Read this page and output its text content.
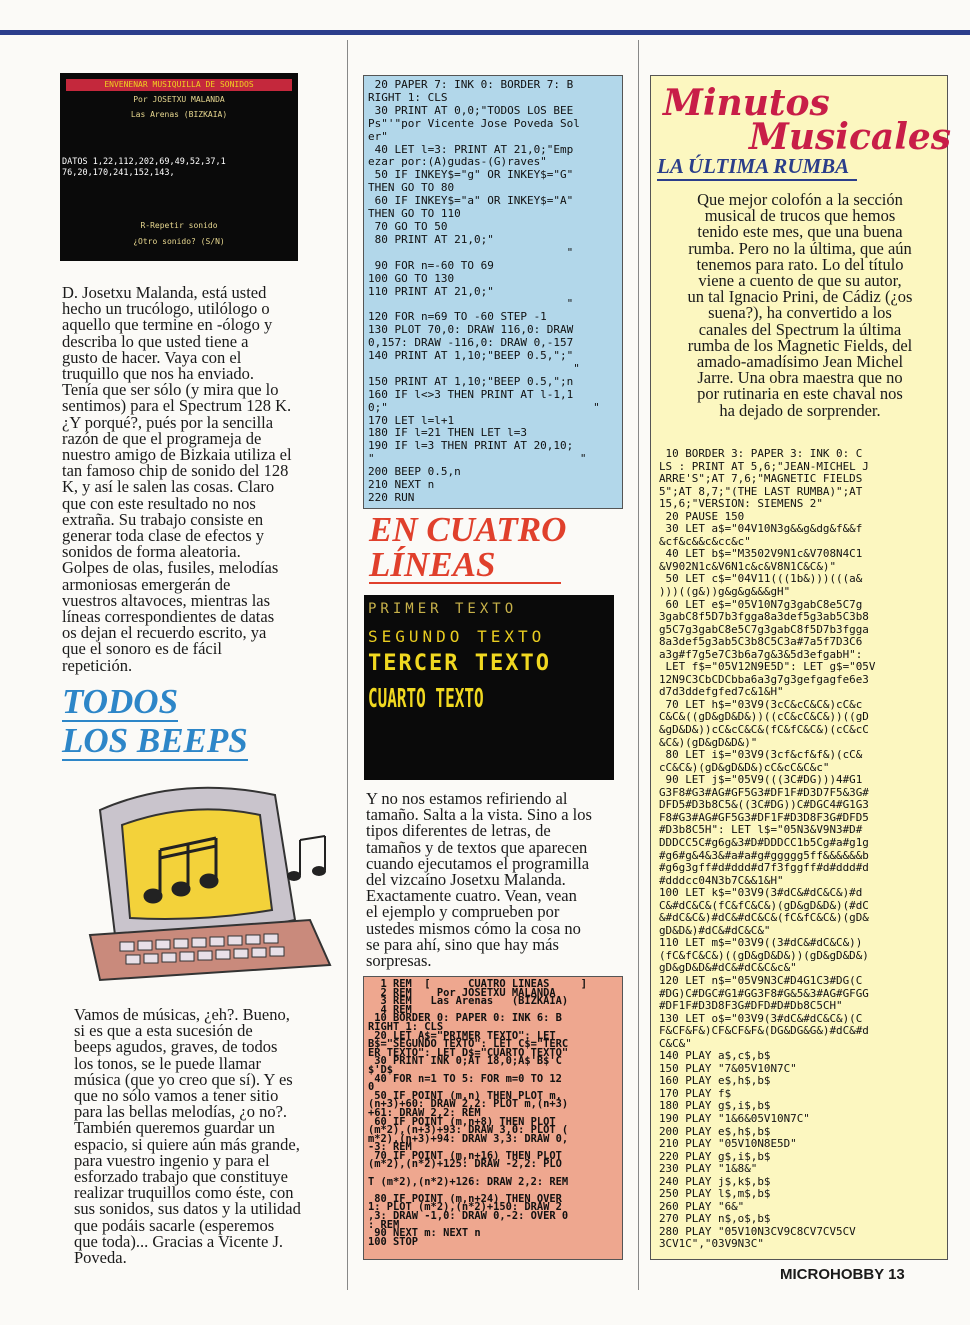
ENVENENAR MUSIQUILLA DE SONIDOS
Por JOSETXU MALANDA
Las Arenas (BIZKAIA)
DATOS 1,22,112,202,69,49,52,37,1
76,20,170,241,152,143,
R-Repetir sonido
¿Otro sonido? (S/N)
D. Josetxu Malanda, está usted
hecho un trucólogo, utilólogo o
aquello que termine en -ólogo y
describa lo que usted tiene a
gusto de hacer. Vaya con el
truquillo que nos ha enviado.
Tenía que ser sólo (y mira que lo
sentimos) para el Spectrum 128 K.
¿Y porqué?, pués por la sencilla
razón de que el programeja de
nuestro amigo de Bizkaia utiliza el
tan famoso chip de sonido del 128
K, y así le salen las cosas. Claro
que con este resultado no nos
extraña. Su trabajo consiste en
generar toda clase de efectos y
sonidos de forma aleatoria.
Golpes de olas, fusiles, melodías
armoniosas emergerán de
vuestros altavoces, mientras las
líneas correspondientes de datas
os dejan el recuerdo escrito, ya
que el sonoro es de fácil
repetición.
TODOS
LOS BEEPS
Vamos de músicas, ¿eh?. Bueno,
si es que a esta sucesión de
beeps agudos, graves, de todos
los tonos, se le puede llamar
música (que yo creo que sí). Y es
que no sólo vamos a tener sitio
para las bellas melodías, ¿o no?.
También queremos guardar un
espacio, si quiere aún más grande,
para vuestro ingenio y para el
esforzado trabajo que constituye
realizar truquillos como éste, con
sus sonidos, sus datos y la utilidad
que podáis sacarle (esperemos
que toda)... Gracias a Vicente J.
Poveda.
20 PAPER 7: INK 0: BORDER 7: B
RIGHT 1: CLS
30 PRINT AT 0,0;"TODOS LOS BEE
Ps"'"por Vicente Jose Poveda Sol
er"
40 LET l=3: PRINT AT 21,0;"Emp
ezar por:(A)gudas-(G)raves"
50 IF INKEY$="g" OR INKEY$="G"
THEN GO TO 80
60 IF INKEY$="a" OR INKEY$="A"
THEN GO TO 110
70 GO TO 50
80 PRINT AT 21,0;"
"
90 FOR n=-60 TO 69
100 GO TO 130
110 PRINT AT 21,0;"
"
120 FOR n=69 TO -60 STEP -1
130 PLOT 70,0: DRAW 116,0: DRAW
0,157: DRAW -116,0: DRAW 0,-157
140 PRINT AT 1,10;"BEEP 0.5,";"
"
150 PRINT AT 1,10;"BEEP 0.5,";n
160 IF l<>3 THEN PRINT AT l-1,1
0;"                               "
170 LET l=l+1
180 IF l=21 THEN LET l=3
190 IF l=3 THEN PRINT AT 20,10;
"                               "
200 BEEP 0.5,n
210 NEXT n
220 RUN
EN CUATRO
LÍNEAS
PRIMER TEXTO
SEGUNDO TEXTO
TERCER TEXTO
CUARTO TEXTO
Y no nos estamos refiriendo al
tamaño. Salta a la vista. Sino a los
tipos diferentes de letras, de
tamaños y de textos que aparecen
cuando ejecutamos el programilla
del vizcaíno Josetxu Malanda.
Exactamente cuatro. Vean, vean
el ejemplo y comprueben por
ustedes mismos cómo la cosa no
se para ahí, sino que hay más
sorpresas.
1 REM  [      CUATRO LINEAS     ]
2 REM    Por JOSETXU MALANDA
3 REM   Las Arenas   (BIZKAIA)
4 REM
10 BORDER 0: PAPER 0: INK 6: B
RIGHT 1: CLS
20 LET A$="PRIMER TEXTO": LET
B$="SEGUNDO TEXTO": LET C$="TERC
ER TEXTO": LET D$="CUARTO TEXTO"
30 PRINT INK 0;AT 18,0;A$'B$'C
$'D$
40 FOR n=1 TO 5: FOR m=0 TO 12
0
50 IF POINT (m,n) THEN PLOT m,
(n+3)+60: DRAW 2,2: PLOT m,(n+3)
+61: DRAW 2,2: REM
60 IF POINT (m,n+8) THEN PLOT
(m*2),(n+3)+93: DRAW 3,0: PLOT (
m*2),(n+3)+94: DRAW 3,3: DRAW 0,
-3: REM
70 IF POINT (m,n+16) THEN PLOT
(m*2),(n*2)+125: DRAW -2,2: PLO

T (m*2),(n*2)+126: DRAW 2,2: REM

80 IF POINT (m,n+24) THEN OVER
1: PLOT (m*2),(n*2)+150: DRAW 2
,3: DRAW -1,0: DRAW 0,-2: OVER 0
: REM
90 NEXT m: NEXT n
100 STOP
Minutos
Musicales
LA ÚLTIMA RUMBA
Que mejor colofón a la sección
musical de trucos que hemos
tenido este mes, que una buena
rumba. Pero no la última, que aún
tenemos para rato. Lo del título
viene a cuento de que su autor,
un tal Ignacio Prini, de Cádiz (¿os
suena?), ha convertido a los
canales del Spectrum la última
rumba de los Magnetic Fields, del
amado-amadísimo Jean Michel
Jarre. Una obra maestra que no
por rutinaria en este chaval nos
ha dejado de sorprender.
10 BORDER 3: PAPER 3: INK 0: C
LS : PRINT AT 5,6;"JEAN-MICHEL J
ARRE'S";AT 7,6;"MAGNETIC FIELDS
5";AT 8,7;"(THE LAST RUMBA)";AT
15,6;"VERSION: SIEMENS 2"
20 PAUSE 150
30 LET a$="04V10N3g&&g&dg&f&&f
&cf&c&&c&cc&c"
40 LET b$="M3502V9N1c&V708N4C1
&V902N1c&V6N1c&c&V8N1C&C&)"
50 LET c$="04V11(((1b&)))(((a&
)))((g&))g&g&g&&&gH"
60 LET e$="05V10N7g3gabC8e5C7g
3gabC8f5D7b3fgga8a3def5g3ab5C3b8
g5C7g3gabC8e5C7g3gabC8f5D7b3fgga
8a3def5g3ab5C3b8C5C3a#7a5f7D3C6
a3g#f7g5e7C3b6a7g&3&5d3efgabH":
LET f$="05V12N9E5D": LET g$="05V
12N9C3CbCDCbba6a3g7g3gefgagfe6e3
d7d3ddefgfed7c&1&H"
70 LET h$="03V9(3cC&cC&C&)cC&c
C&C&((gD&gD&D&))((cC&cC&C&))((gD
&gD&D&))cC&cC&C&(fC&fC&C&)(cC&cC
&C&)(gD&gD&D&)"
80 LET i$="03V9(3cf&cf&f&)(cC&
cC&C&)(gD&gD&D&)cC&cC&C&c"
90 LET j$="05V9(((3C#DG)))4#G1
G3F8#G3#AG#GF5G3#DF1F#D3D7F5&3G#
DFD5#D3b8C5&((3C#DG))C#DGC4#G1G3
F8#G3#AG#GF5G3#DF1F#D3D8F3G#DFD5
#D3b8C5H": LET l$="05N3&V9N3#D#
DDDCC5C#g6g&3#D#DDDCC1b5Cg#a#g1g
#g6#g&4&3&#a#a#g#ggggg5ff&&&&&&b
#g6g3gff#d#ddd#d7f3fggff#d#ddd#d
#dddcc04N3b7C&&1&H"
100 LET k$="03V9(3#dC&#dC&C&)#d
C&#dC&C&(fC&fC&C&)(gD&gD&D&)(#dC
&#dC&C&)#dC&#dC&C&(fC&fC&C&)(gD&
gD&D&)#dC&#dC&C&"
110 LET m$="03V9((3#dC&#dC&C&))
(fC&fC&C&)((gD&gD&D&))(gD&gD&D&)
gD&gD&D&#dC&#dC&C&c&"
120 LET n$="05V9N3C#D4G1C3#DG(C
#DG)C#DGC#G1#GG3F8#G&5&3#AG#GFGG
#DF1F#D3D8F3G#DFD#D#Db8C5CH"
130 LET o$="03V9(3#dC&#dC&C&)(C
F&CF&F&)CF&CF&F&(DG&DG&G&)#dC&#d
C&C&"
140 PLAY a$,c$,b$
150 PLAY "7&05V10N7C"
160 PLAY e$,h$,b$
170 PLAY f$
180 PLAY g$,i$,b$
190 PLAY "1&6&05V10N7C"
200 PLAY e$,h$,b$
210 PLAY "05V10N8E5D"
220 PLAY g$,i$,b$
230 PLAY "1&8&"
240 PLAY j$,k$,b$
250 PLAY l$,m$,b$
260 PLAY "6&"
270 PLAY n$,o$,b$
280 PLAY "05V10N3CV9C8CV7CV5CV
3CV1C","03V9N3C"
MICROHOBBY 13
